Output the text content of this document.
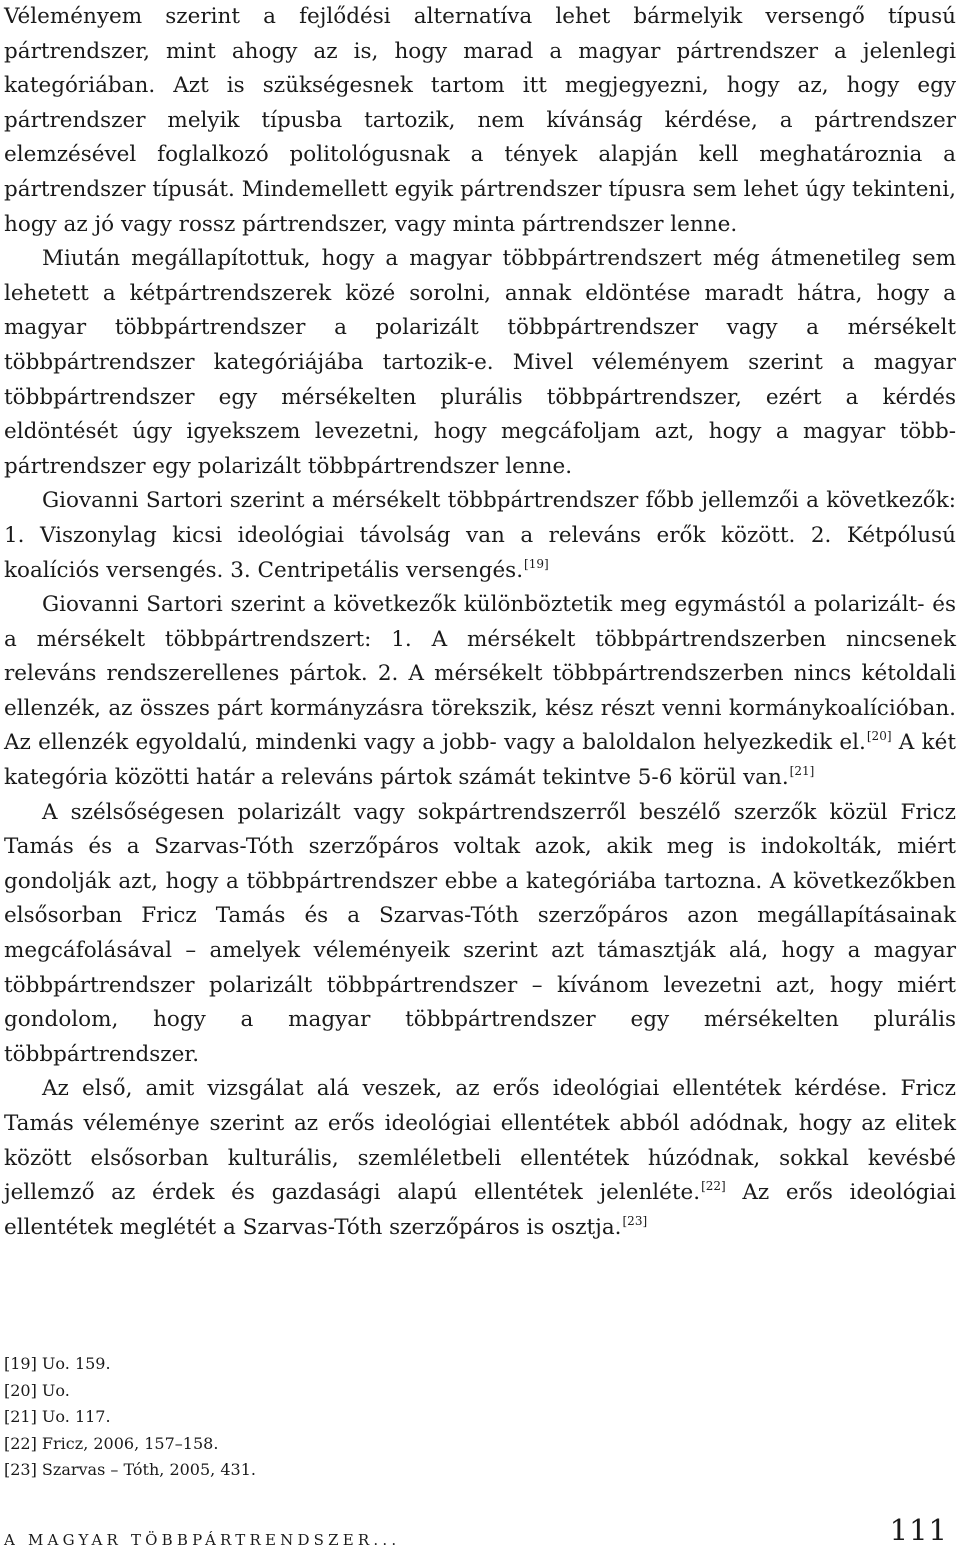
Véleményem szerint a fejlődési alternatíva lehet bármelyik versengő típusú pártrendszer, mint ahogy az is, hogy marad a magyar pártrendszer a jelenlegi kategóriában. Azt is szükségesnek tartom itt megjegyezni, hogy az, hogy egy pártrendszer melyik típusba tartozik, nem kívánság kérdése, a pártrendszer elemzésével foglalkozó politológusnak a tények alapján kell meghatároznia a pártrendszer típusát. Mindemellett egyik pártrendszer típusra sem lehet úgy tekinteni, hogy az jó vagy rossz pártrendszer, vagy minta pártrendszer lenne.

Miután megállapítottuk, hogy a magyar többpártrendszert még átmenetileg sem lehetett a kétpártrendszerek közé sorolni, annak eldöntése maradt hátra, hogy a magyar többpártrendszer a polarizált többpártrendszer vagy a mérsékelt többpártrendszer kategóriájába tartozik-e. Mivel véleményem szerint a magyar többpártrendszer egy mérsékelten plurális többpártrendszer, ezért a kérdés eldöntését úgy igyekszem levezetni, hogy megcáfoljam azt, hogy a magyar többpártrendszer egy polarizált többpártrendszer lenne.

Giovanni Sartori szerint a mérsékelt többpártrendszer főbb jellemzői a következők: 1. Viszonylag kicsi ideológiai távolság van a releváns erők között. 2. Kétpólusú koalíciós versengés. 3. Centripetális versengés.[19]

Giovanni Sartori szerint a következők különböztetik meg egymástól a polarizált- és a mérsékelt többpártrendszert: 1. A mérsékelt többpártrendszerben nincsenek releváns rendszerellenes pártok. 2. A mérsékelt többpártrendszerben nincs kétoldali ellenzék, az összes párt kormányzásra törekszik, kész részt venni kormánykoalícióban. Az ellenzék egyoldalú, mindenki vagy a jobb- vagy a baloldalon helyezkedik el.[20] A két kategória közötti határ a releváns pártok számát tekintve 5-6 körül van.[21]

A szélsőségesen polarizált vagy sokpártrendszerről beszélő szerzők közül Fricz Tamás és a Szarvas-Tóth szerzőpáros voltak azok, akik meg is indokolták, miért gondolják azt, hogy a többpártrendszer ebbe a kategóriába tartozna. A következőkben elsősorban Fricz Tamás és a Szarvas-Tóth szerzőpáros azon megállapításainak megcáfolásával – amelyek véleményeik szerint azt támasztják alá, hogy a magyar többpártrendszer polarizált többpártrendszer – kívánom levezetni azt, hogy miért gondolom, hogy a magyar többpártrendszer egy mérsékelten plurális többpártrendszer.

Az első, amit vizsgálat alá veszek, az erős ideológiai ellentétek kérdése. Fricz Tamás véleménye szerint az erős ideológiai ellentétek abból adódnak, hogy az elitek között elsősorban kulturális, szemléletbeli ellentétek húzódnak, sokkal kevésbé jellemző az érdek és gazdasági alapú ellentétek jelenléte.[22] Az erős ideológiai ellentétek meglétét a Szarvas-Tóth szerzőpáros is osztja.[23]

[19] Uo. 159.

[20] Uo.

[21] Uo. 117.

[22] Fricz, 2006, 157–158.

[23] Szarvas – Tóth, 2005, 431.

A MAGYAR TÖBBPÁRTRENDSZER...	111
